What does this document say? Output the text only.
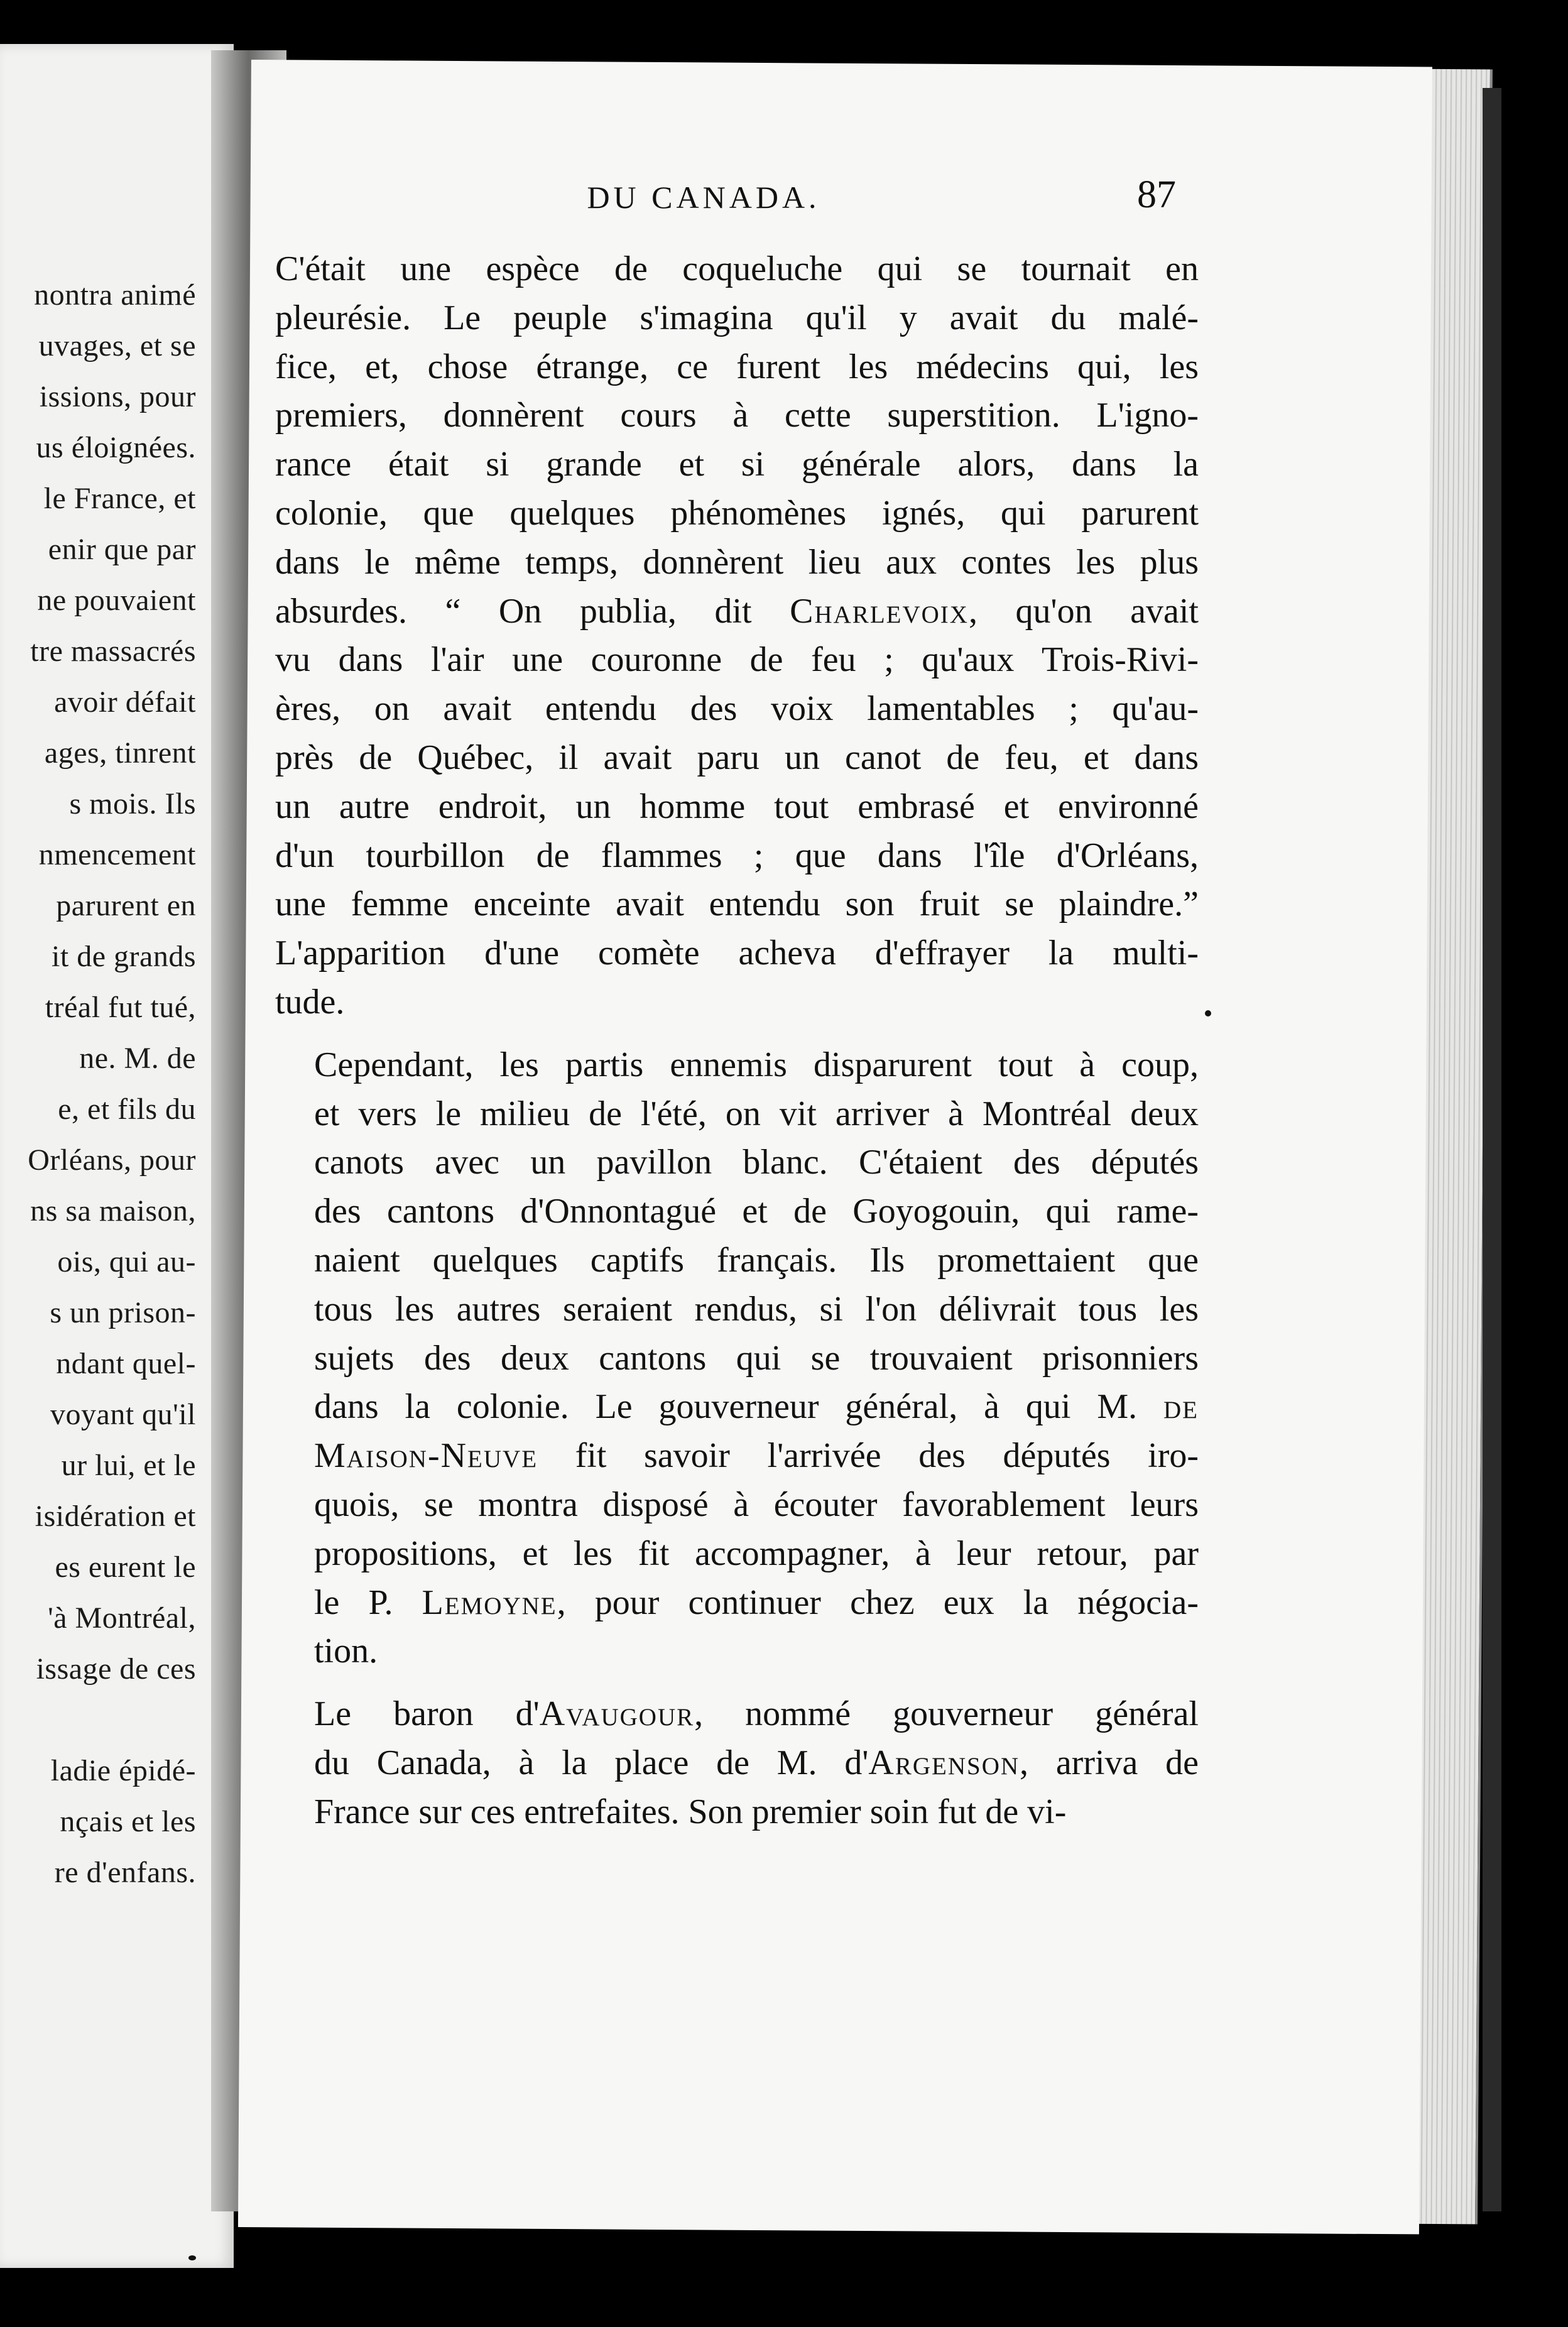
nontra animé
uvages, et se
issions, pour
us éloignées.
le France, et
enir que par
ne pouvaient
tre massacrés
avoir défait
ages, tinrent
s mois. Ils
nmencement
parurent en
it de grands
tréal fut tué,
ne. M. de
e, et fils du
Orléans, pour
ns sa maison,
ois, qui au-
s un prison-
ndant quel-
voyant qu'il
ur lui, et le
isidération et
es eurent le
'à Montréal,
issage de ces
ladie épidé-
nçais et les
re d'enfans.
DU CANADA.	87

C'était une espèce de coqueluche qui se tournait en
pleurésie. Le peuple s'imagina qu'il y avait du malé-
fice, et, chose étrange, ce furent les médecins qui, les
premiers, donnèrent cours à cette superstition. L'igno-
rance était si grande et si générale alors, dans la
colonie, que quelques phénomènes ignés, qui parurent
dans le même temps, donnèrent lieu aux contes les plus
absurdes. “ On publia, dit Charlevoix, qu'on avait
vu dans l'air une couronne de feu ; qu'aux Trois-Rivi-
ères, on avait entendu des voix lamentables ; qu'au-
près de Québec, il avait paru un canot de feu, et dans
un autre endroit, un homme tout embrasé et environné
d'un tourbillon de flammes ; que dans l'île d'Orléans,
une femme enceinte avait entendu son fruit se plaindre.”
L'apparition d'une comète acheva d'effrayer la multi-
tude.

Cependant, les partis ennemis disparurent tout à coup,
et vers le milieu de l'été, on vit arriver à Montréal deux
canots avec un pavillon blanc. C'étaient des députés
des cantons d'Onnontagué et de Goyogouin, qui rame-
naient quelques captifs français. Ils promettaient que
tous les autres seraient rendus, si l'on délivrait tous les
sujets des deux cantons qui se trouvaient prisonniers
dans la colonie. Le gouverneur général, à qui M. de
Maison-Neuve fit savoir l'arrivée des députés iro-
quois, se montra disposé à écouter favorablement leurs
propositions, et les fit accompagner, à leur retour, par
le P. Lemoyne, pour continuer chez eux la négocia-
tion.

Le baron d'Avaugour, nommé gouverneur général
du Canada, à la place de M. d'Argenson, arriva de
France sur ces entrefaites. Son premier soin fut de vi-
